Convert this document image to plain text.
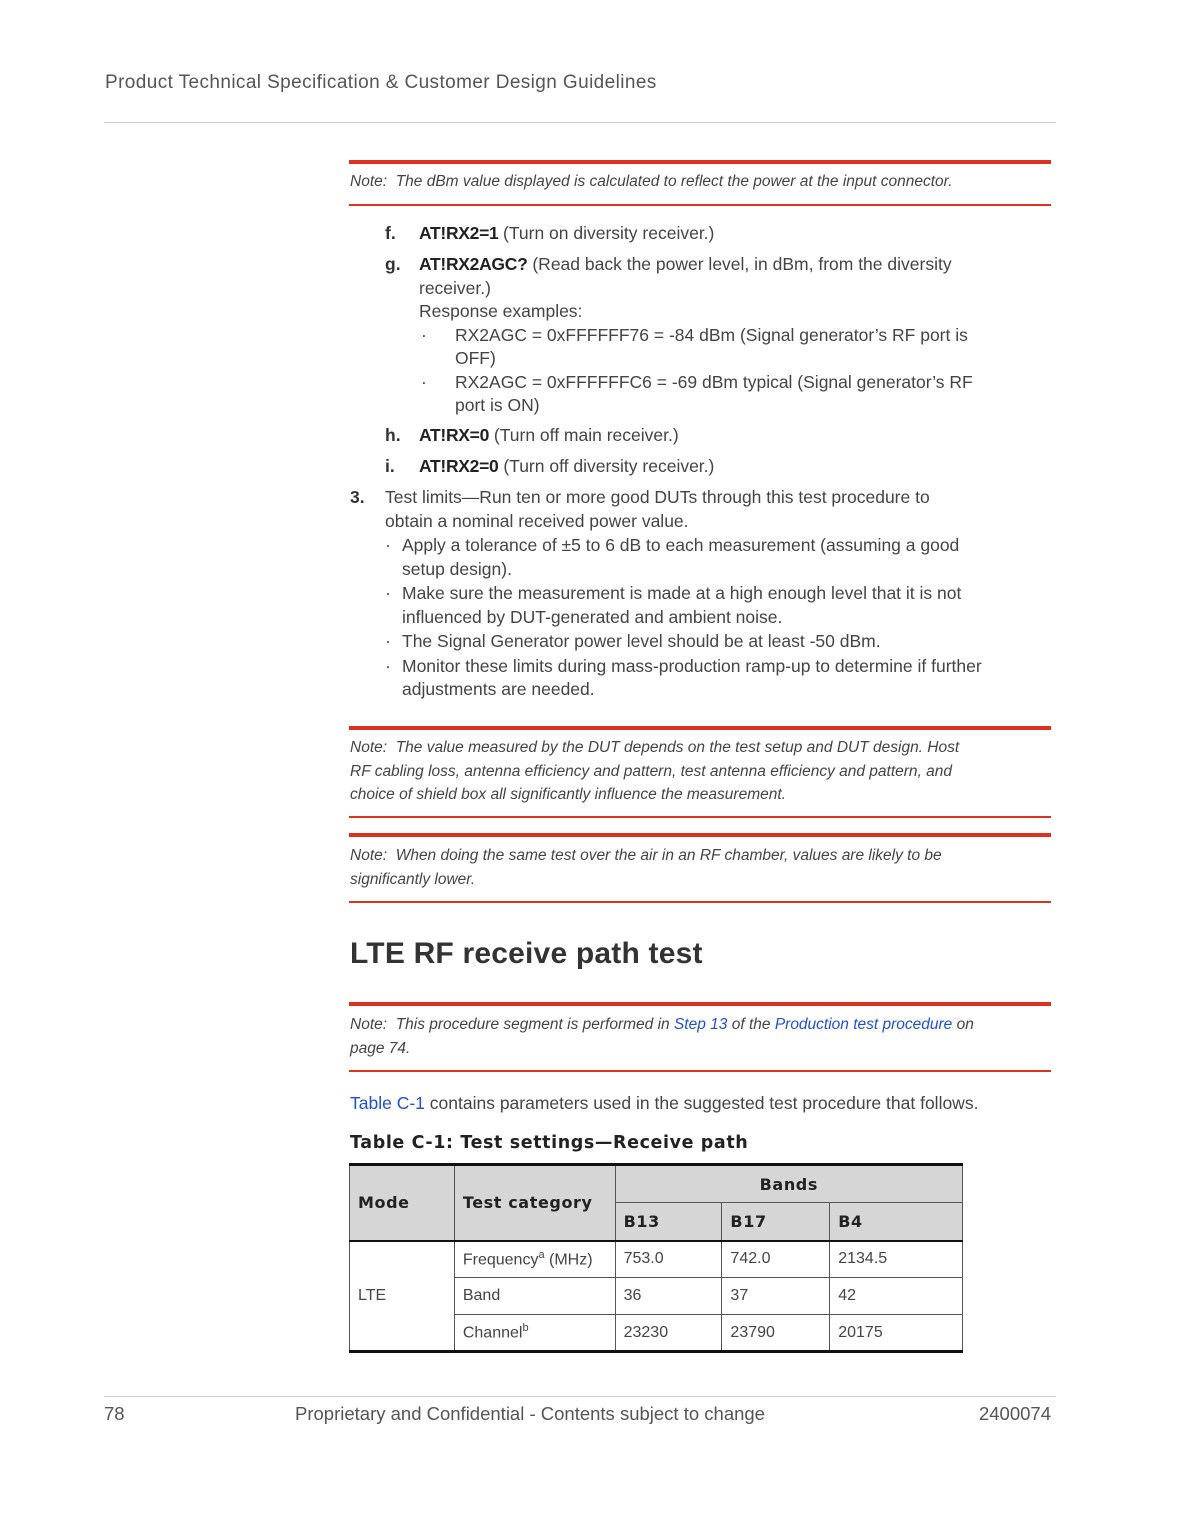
Product Technical Specification & Customer Design Guidelines
Note: The dBm value displayed is calculated to reflect the power at the input connector.
f. AT!RX2=1 (Turn on diversity receiver.)
g. AT!RX2AGC? (Read back the power level, in dBm, from the diversity
receiver.)
Response examples:
· RX2AGC = 0xFFFFFF76 = -84 dBm (Signal generator’s RF port is
OFF)
· RX2AGC = 0xFFFFFFC6 = -69 dBm typical (Signal generator’s RF
port is ON)
h. AT!RX=0 (Turn off main receiver.)
i. AT!RX2=0 (Turn off diversity receiver.)
3. Test limits—Run ten or more good DUTs through this test procedure to
obtain a nominal received power value.
· Apply a tolerance of ±5 to 6 dB to each measurement (assuming a good
setup design).
· Make sure the measurement is made at a high enough level that it is not
influenced by DUT-generated and ambient noise.
· The Signal Generator power level should be at least -50 dBm.
· Monitor these limits during mass-production ramp-up to determine if further
adjustments are needed.
Note: The value measured by the DUT depends on the test setup and DUT design. Host
RF cabling loss, antenna efficiency and pattern, test antenna efficiency and pattern, and
choice of shield box all significantly influence the measurement.
Note: When doing the same test over the air in an RF chamber, values are likely to be
significantly lower.
LTE RF receive path test
Note: This procedure segment is performed in Step 13 of the Production test procedure on
page 74.
Table C-1 contains parameters used in the suggested test procedure that follows.
Table C-1: Test settings—Receive path
Mode	Test category	Bands		
		B13	B17	B4
LTE	Frequency$^a$ (MHz)	753.0	742.0	2134.5
	Band	36	37	42
	Channel$^b$	23230	23790	20175
78	Proprietary and Confidential - Contents subject to change	2400074
